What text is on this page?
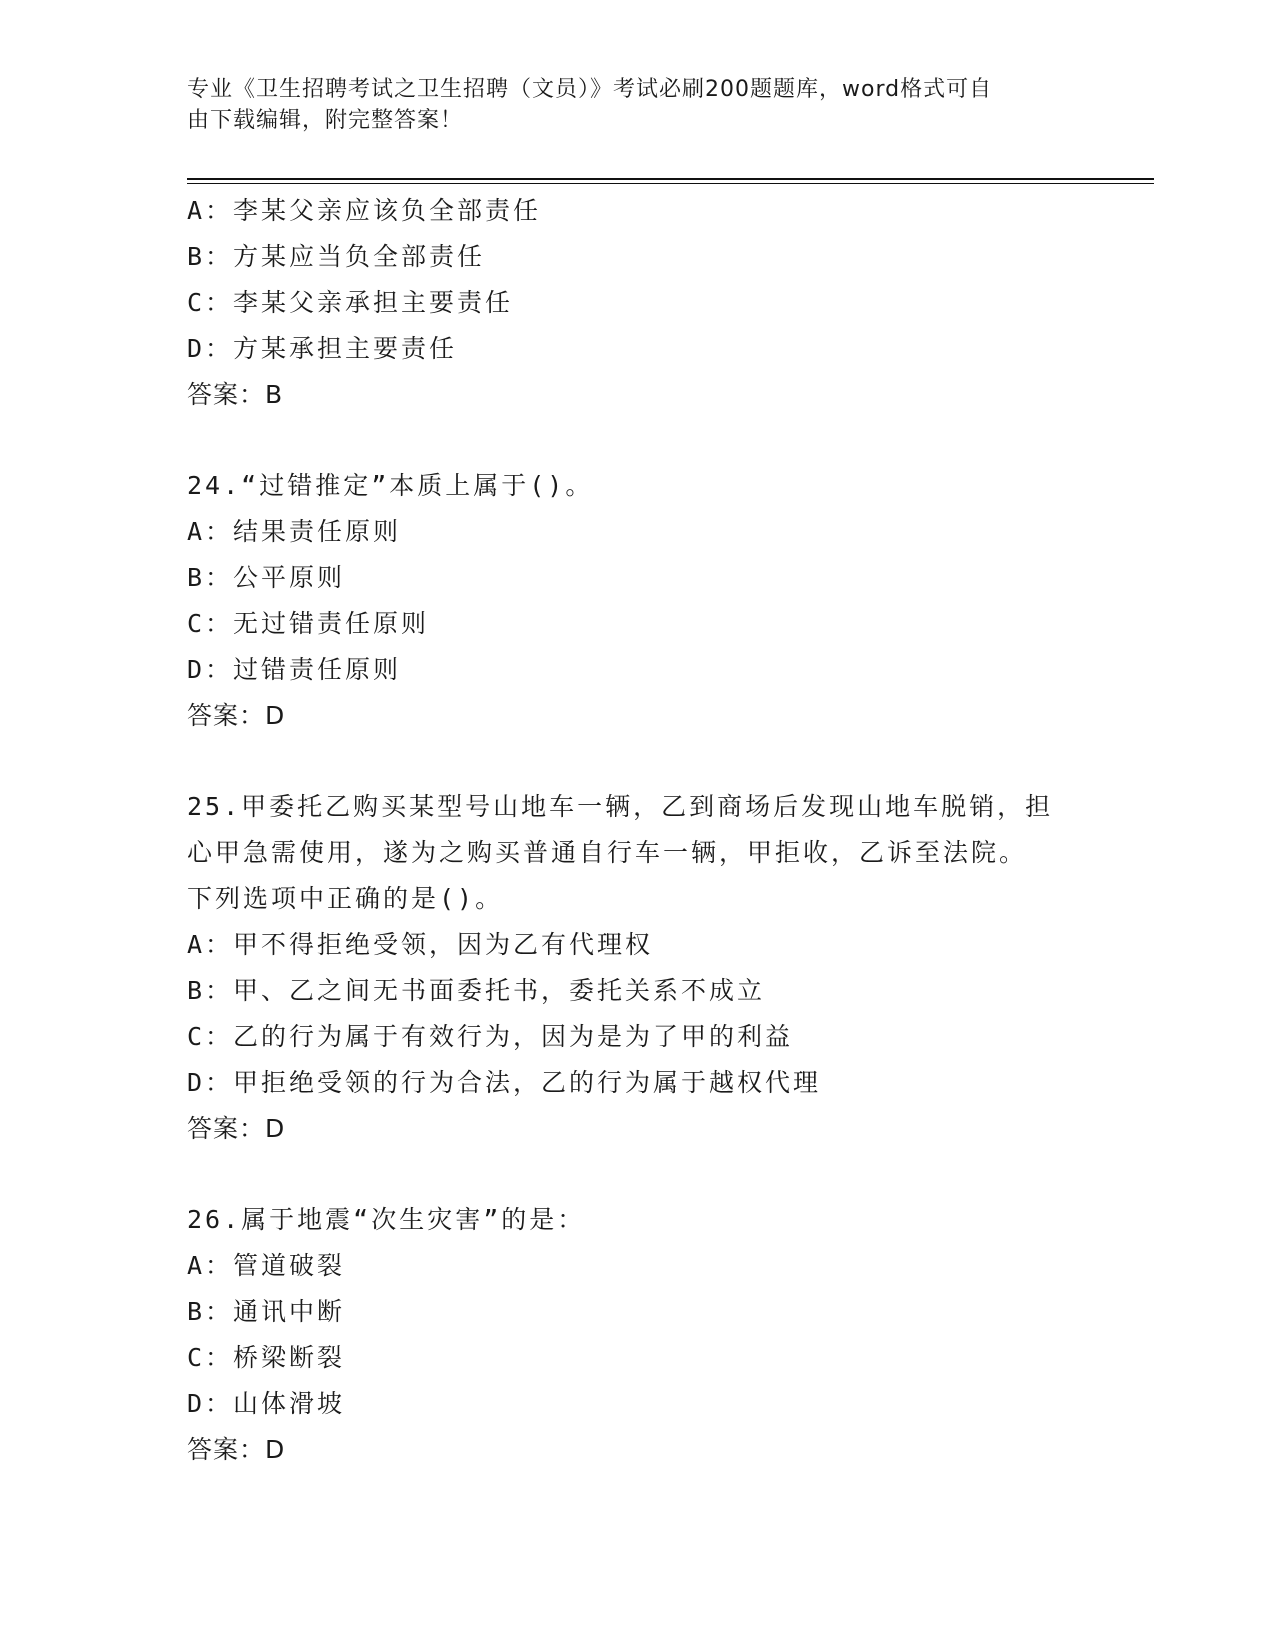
专业《卫生招聘考试之卫生招聘（文员）》考试必刷200题题库，word格式可自
由下载编辑，附完整答案！
A：李某父亲应该负全部责任
B：方某应当负全部责任
C：李某父亲承担主要责任
D：方某承担主要责任
答案：B
24.“过错推定”本质上属于()。
A：结果责任原则
B：公平原则
C：无过错责任原则
D：过错责任原则
答案：D
25.甲委托乙购买某型号山地车一辆，乙到商场后发现山地车脱销，担
心甲急需使用，遂为之购买普通自行车一辆，甲拒收，乙诉至法院。
下列选项中正确的是()。
A：甲不得拒绝受领，因为乙有代理权
B：甲、乙之间无书面委托书，委托关系不成立
C：乙的行为属于有效行为，因为是为了甲的利益
D：甲拒绝受领的行为合法，乙的行为属于越权代理
答案：D
26.属于地震“次生灾害”的是：
A：管道破裂
B：通讯中断
C：桥梁断裂
D：山体滑坡
答案：D
